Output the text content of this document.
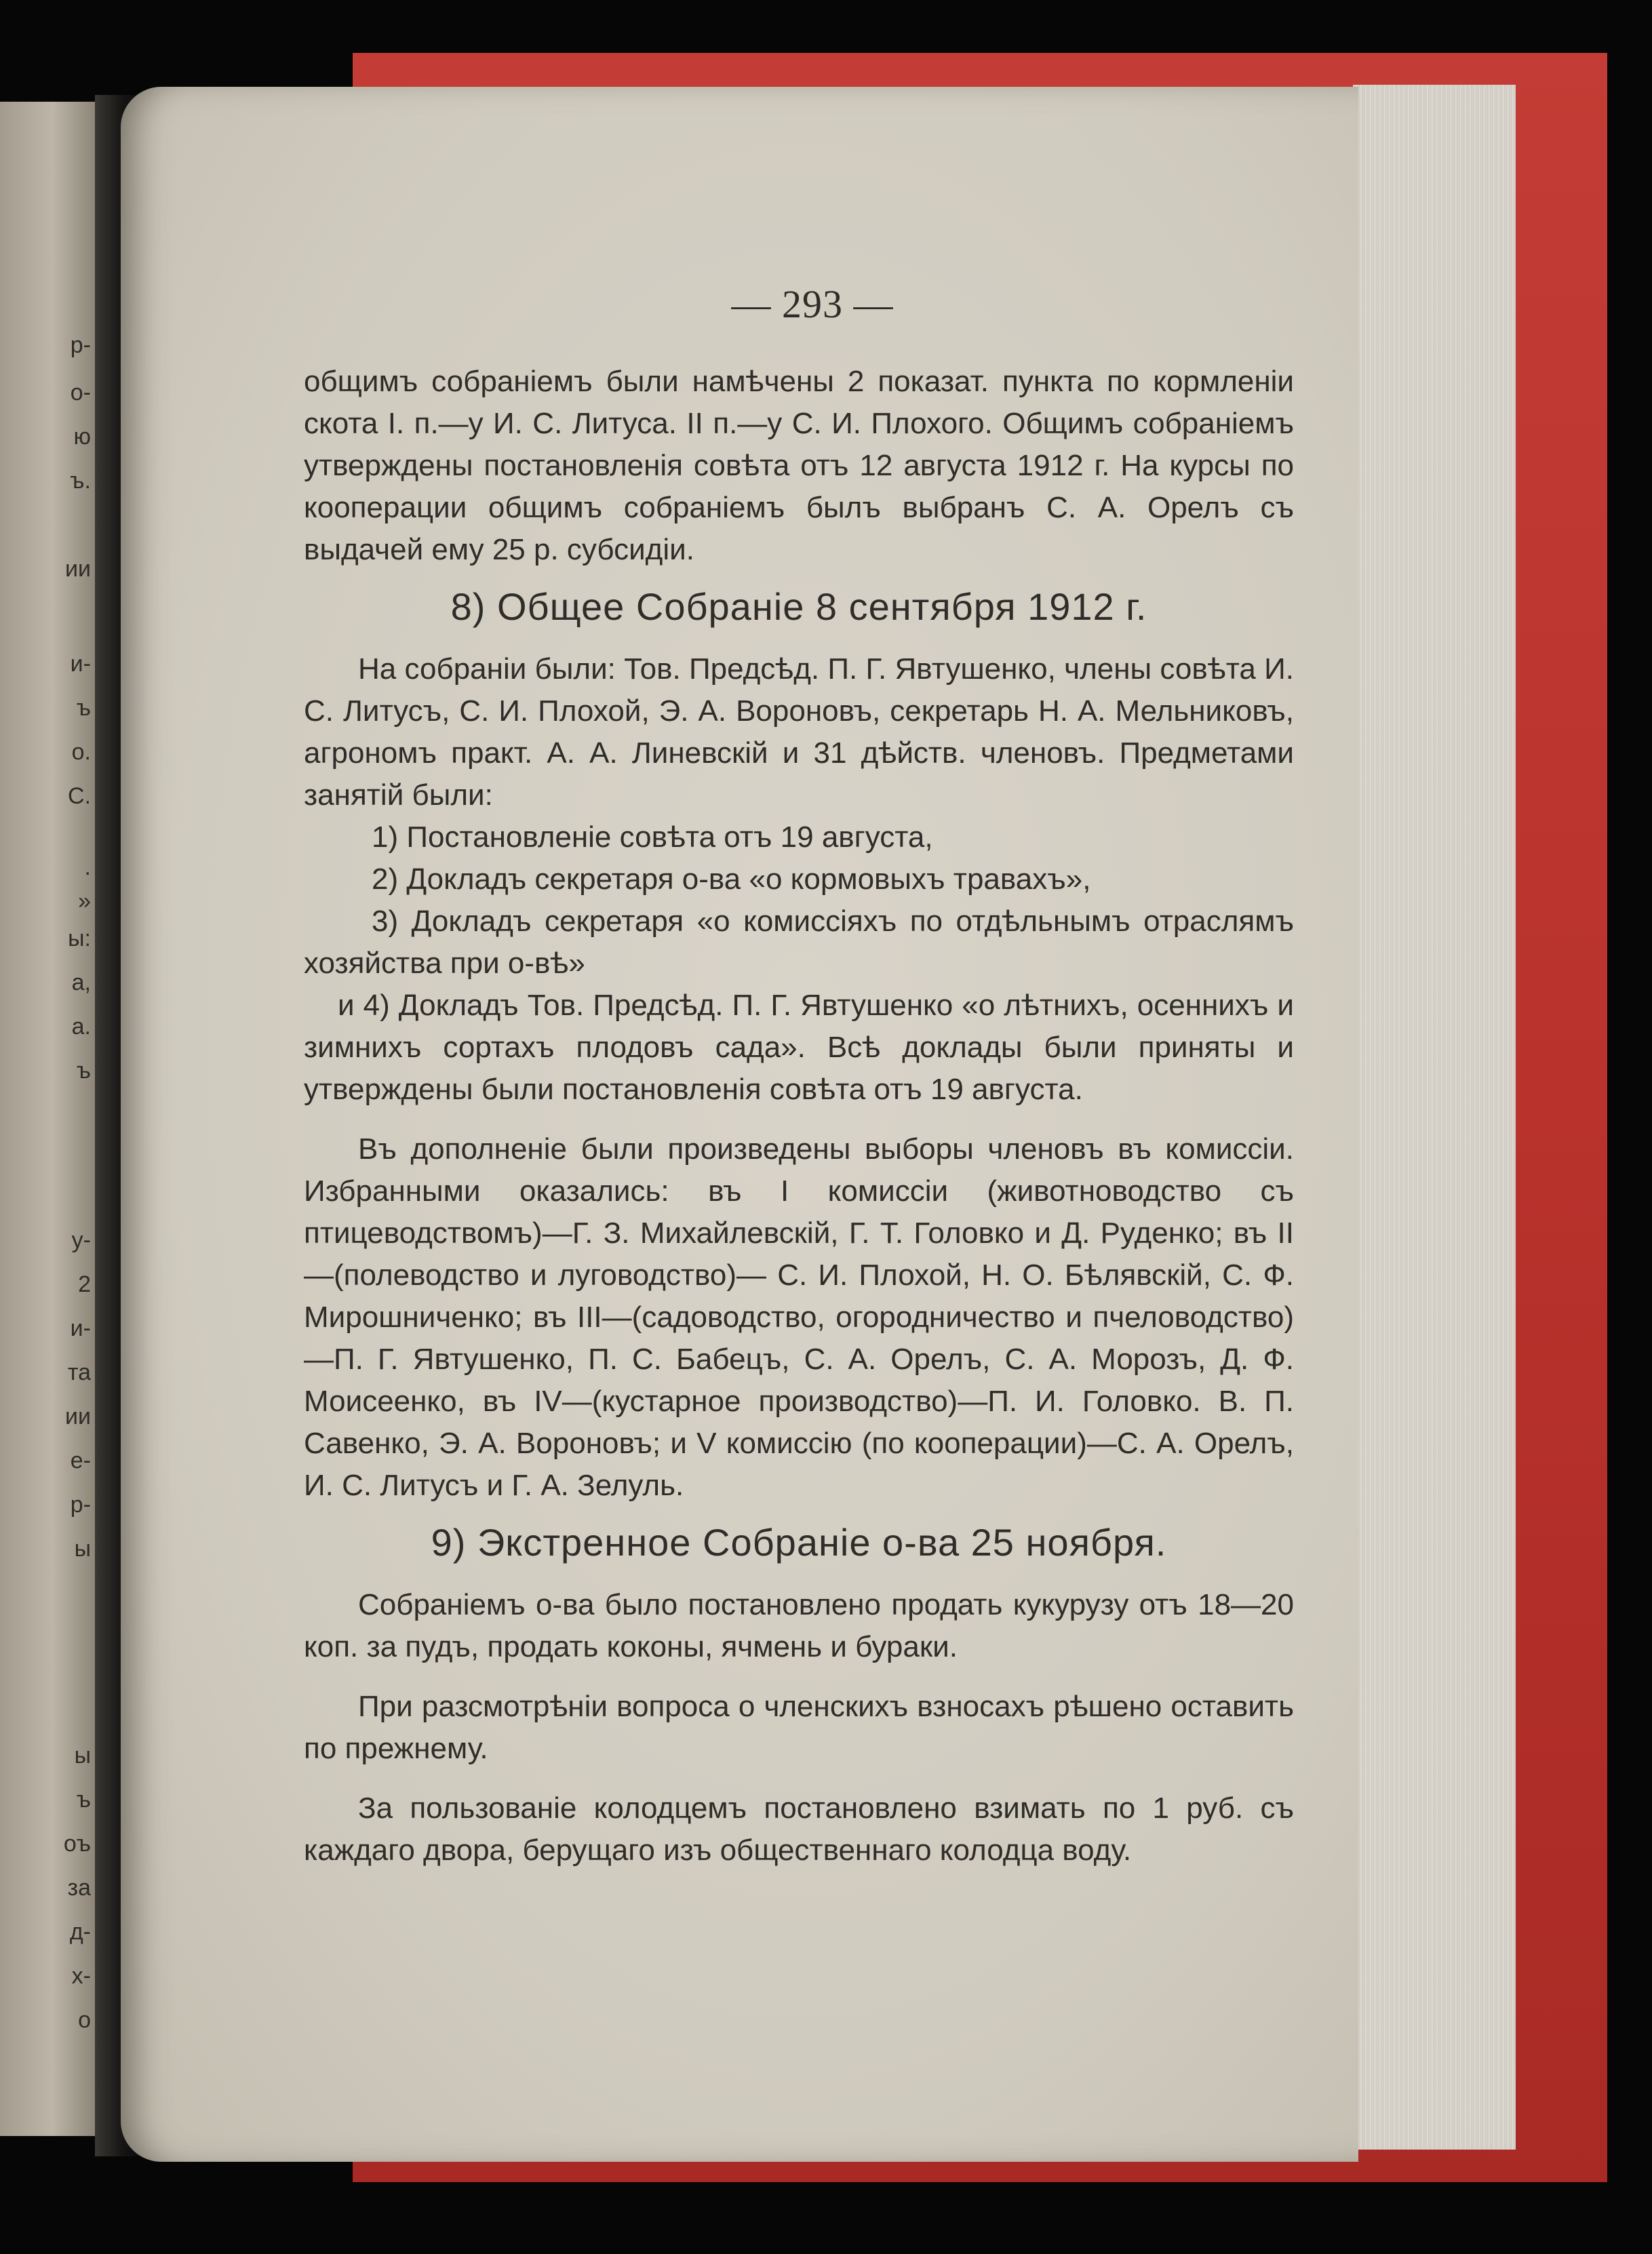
р-
о-
ю
ъ.
ии
и-
ъ
о.
С.
.
»
ы:
а,
а.
ъ
у-
2
и-
та
ии
е-
р-
ы
ы
ъ
оъ
за
д-
х-
о
— 293 —

общимъ собраніемъ были намѣчены 2 показат. пункта по кормленіи скота I. п.—у И. С. Литуса. II п.—у С. И. Плохого. Общимъ собраніемъ утверждены постановленія совѣта отъ 12 августа 1912 г. На курсы по кооперации общимъ собраніемъ былъ выбранъ С. А. Орелъ съ выдачей ему 25 р. субсидіи.

8) Общее Собраніе 8 сентября 1912 г.

На собраніи были: Тов. Предсѣд. П. Г. Явтушенко, члены совѣта И. С. Литусъ, С. И. Плохой, Э. А. Вороновъ, секретарь Н. А. Мельниковъ, агрономъ практ. А. А. Линевскій и 31 дѣйств. членовъ. Предметами занятій были:

1) Постановленіе совѣта отъ 19 августа,

2) Докладъ секретаря о-ва «о кормовыхъ травахъ»,

3) Докладъ секретаря «о комиссіяхъ по отдѣльнымъ отраслямъ хозяйства при о-вѣ»

и 4) Докладъ Тов. Предсѣд. П. Г. Явтушенко «о лѣтнихъ, осеннихъ и зимнихъ сортахъ плодовъ сада». Всѣ доклады были приняты и утверждены были постановленія совѣта отъ 19 августа.

Въ дополненіе были произведены выборы членовъ въ комиссіи. Избранными оказались: въ I комиссіи (животноводство съ птицеводствомъ)—Г. З. Михайлевскій, Г. Т. Головко и Д. Руденко; въ II—(полеводство и луговодство)— С. И. Плохой, Н. О. Бѣлявскій, С. Ф. Мирошниченко; въ III—(садоводство, огородничество и пчеловодство)—П. Г. Явтушенко, П. С. Бабецъ, С. А. Орелъ, С. А. Морозъ, Д. Ф. Моисеенко, въ IV—(кустарное производство)—П. И. Головко. В. П. Савенко, Э. А. Вороновъ; и V комиссію (по кооперации)—С. А. Орелъ, И. С. Литусъ и Г. А. Зелуль.

9) Экстренное Собраніе о-ва 25 ноября.

Собраніемъ о-ва было постановлено продать кукурузу отъ 18—20 коп. за пудъ, продать коконы, ячмень и бураки.

При разсмотрѣніи вопроса о членскихъ взносахъ рѣшено оставить по прежнему.

За пользованіе колодцемъ постановлено взимать по 1 руб. съ каждаго двора, берущаго изъ общественнаго колодца воду.
